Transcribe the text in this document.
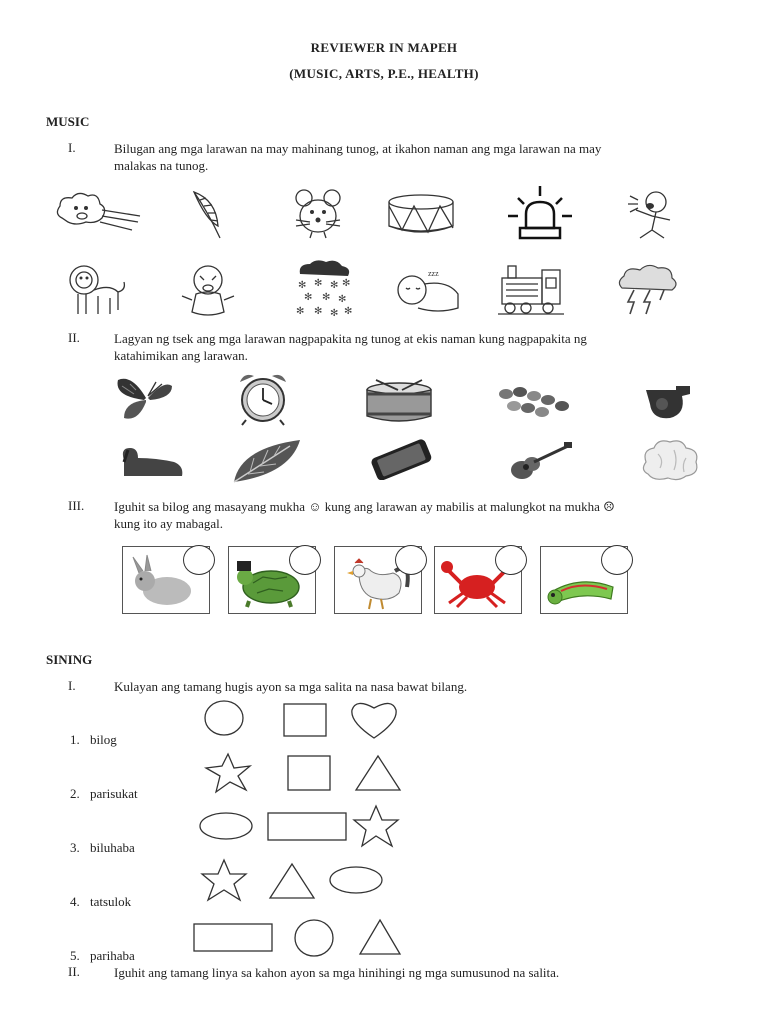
REVIEWER IN MAPEH
(MUSIC, ARTS, P.E., HEALTH)
MUSIC
I.	Bilugan ang mga larawan na may mahinang tunog, at ikahon naman ang mga larawan na may
malakas na tunog.
✻ ✻ ✻ ✻
✻ ✻ ✻
✻ ✻ ✻ ✻
zzz
II.	Lagyan ng tsek ang mga larawan nagpapakita ng tunog at ekis naman kung nagpapakita ng
katahimikan ang larawan.
III. Iguhit sa bilog ang masayang mukha ☺ kung ang larawan ay mabilis at malungkot na mukha ☹
kung ito ay mabagal.
SINING
I.	Kulayan ang tamang hugis ayon sa mga salita na nasa bawat bilang.
1. bilog
2. parisukat
3. biluhaba
4. tatsulok
5. parihaba
II.	Iguhit ang tamang linya sa kahon ayon sa mga hinihingi ng mga sumusunod na salita.
